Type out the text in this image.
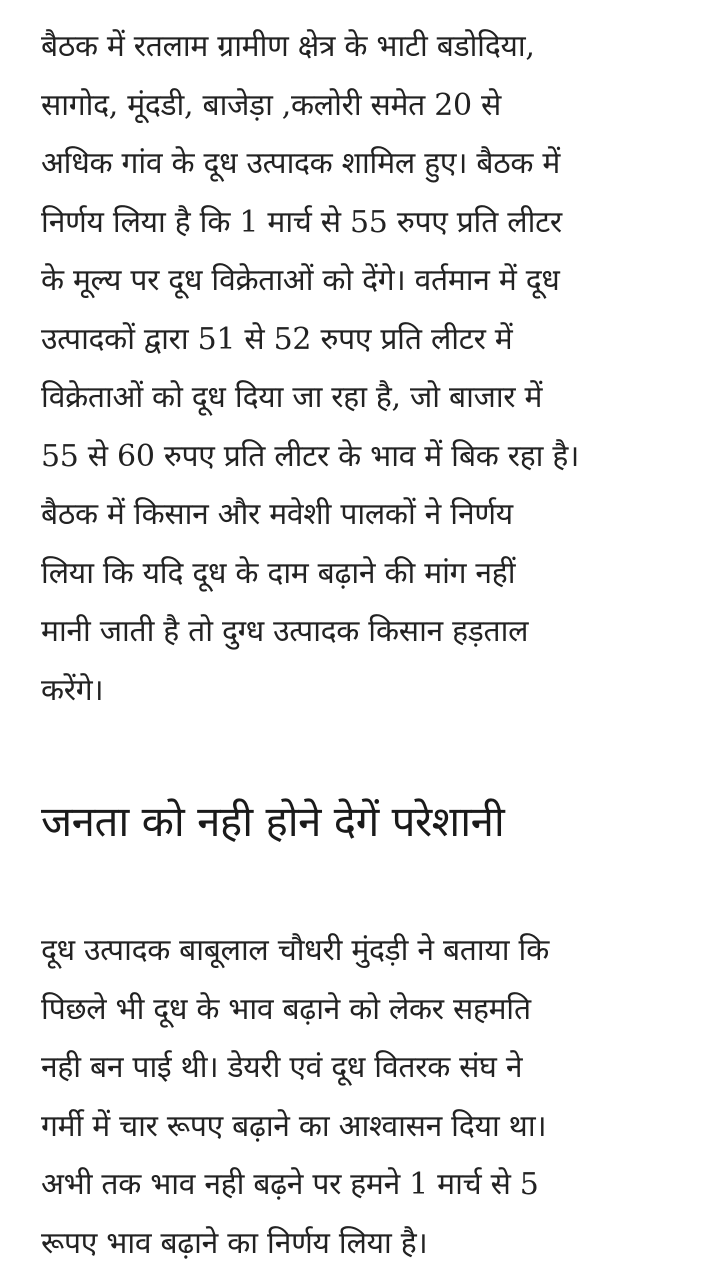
बैठक में रतलाम ग्रामीण क्षेत्र के भाटी बडोदिया,
सागोद, मूंदडी, बाजेड़ा ,कलोरी समेत 20 से
अधिक गांव के दूध उत्पादक शामिल हुए। बैठक में
निर्णय लिया है कि 1 मार्च से 55 रुपए प्रति लीटर
के मूल्य पर दूध विक्रेताओं को देंगे। वर्तमान में दूध
उत्पादकों द्वारा 51 से 52 रुपए प्रति लीटर में
विक्रेताओं को दूध दिया जा रहा है, जो बाजार में
55 से 60 रुपए प्रति लीटर के भाव में बिक रहा है।
बैठक में किसान और मवेशी पालकों ने निर्णय
लिया कि यदि दूध के दाम बढ़ाने की मांग नहीं
मानी जाती है तो दुग्ध उत्पादक किसान हड़ताल
करेंगे।

जनता को नही होने देगें परेशानी

दूध उत्पादक बाबूलाल चौधरी मुंदड़ी ने बताया कि
पिछले भी दूध के भाव बढ़ाने को लेकर सहमति
नही बन पाई थी। डेयरी एवं दूध वितरक संघ ने
गर्मी में चार रूपए बढ़ाने का आश्वासन दिया था।
अभी तक भाव नही बढ़ने पर हमने 1 मार्च से 5
रूपए भाव बढ़ाने का निर्णय लिया है।
